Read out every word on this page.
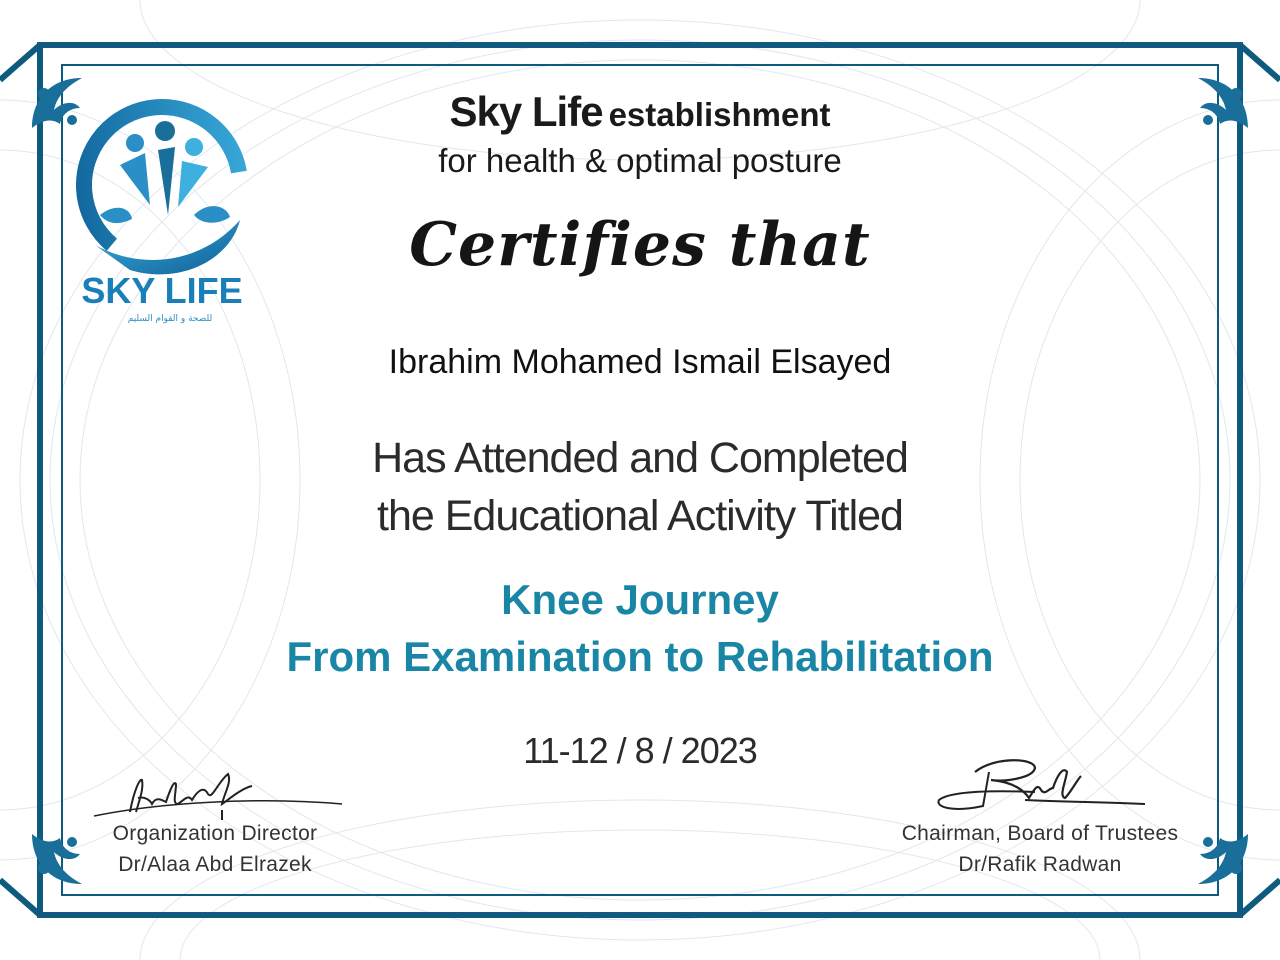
SKY LIFE
للصحة و القوام السليم
Sky Life establishment
for health & optimal posture
Certifies that
Ibrahim Mohamed Ismail Elsayed
Has Attended and Completed
the Educational Activity Titled
Knee Journey
From Examination to Rehabilitation
11-12 / 8 / 2023
Organization Director
Dr/Alaa Abd Elrazek
Chairman, Board of Trustees
Dr/Rafik Radwan
